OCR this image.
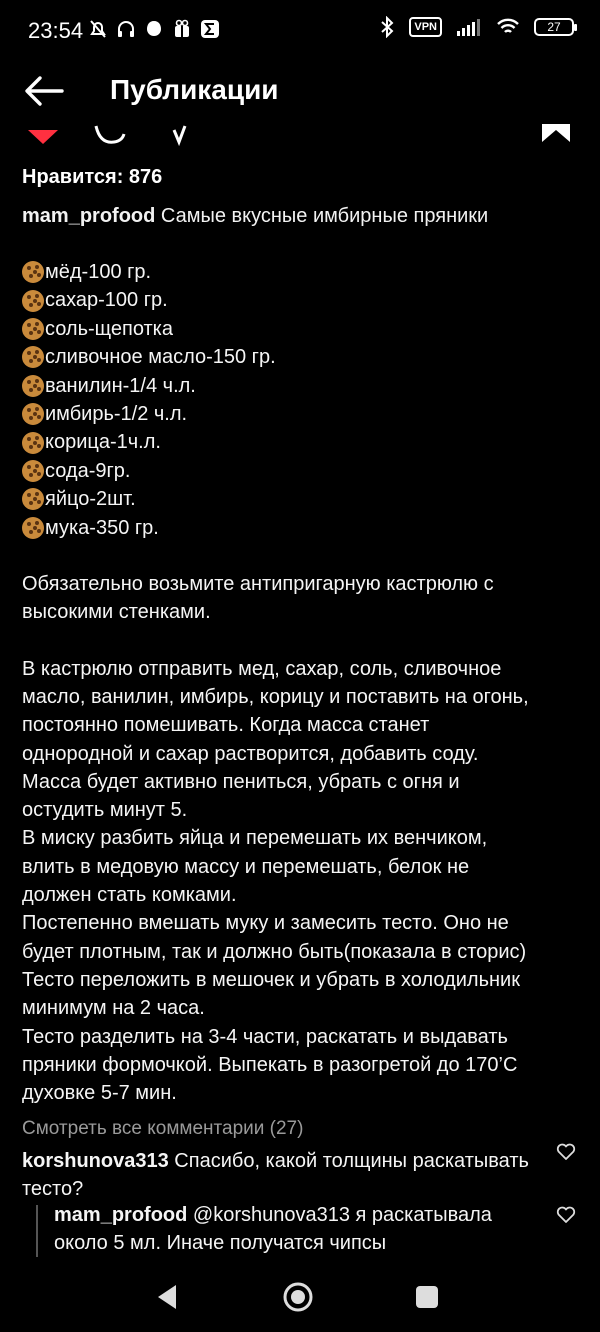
23:54	VPN	27
Публикации

Нравится: 876

mam_profood Самые вкусные имбирные пряники

мёд-100 гр.
сахар-100 гр.
соль-щепотка
сливочное масло-150 гр.
ванилин-1/4 ч.л.
имбирь-1/2 ч.л.
корица-1ч.л.
сода-9гр.
яйцо-2шт.
мука-350 гр.

Обязательно возьмите антипригарную кастрюлю с
высокими стенками.

В кастрюлю отправить мед, сахар, соль, сливочное
масло, ванилин, имбирь, корицу и поставить на огонь,
постоянно помешивать. Когда масса станет
однородной и сахар растворится, добавить соду.
Масса будет активно пениться, убрать с огня и
остудить минут 5.
В миску разбить яйца и перемешать их венчиком,
влить в медовую массу и перемешать, белок не
должен стать комками.
Постепенно вмешать муку и замесить тесто. Оно не
будет плотным, так и должно быть(показала в сторис)
Тесто переложить в мешочек и убрать в холодильник
минимум на 2 часа.
Тесто разделить на 3-4 части, раскатать и выдавать
пряники формочкой. Выпекать в разогретой до 170’С
духовке 5-7 мин.

Смотреть все комментарии (27)
korshunova313 Спасибо, какой толщины раскатывать тесто?
mam_profood @korshunova313 я раскатывала около 5 мл. Иначе получатся чипсы
